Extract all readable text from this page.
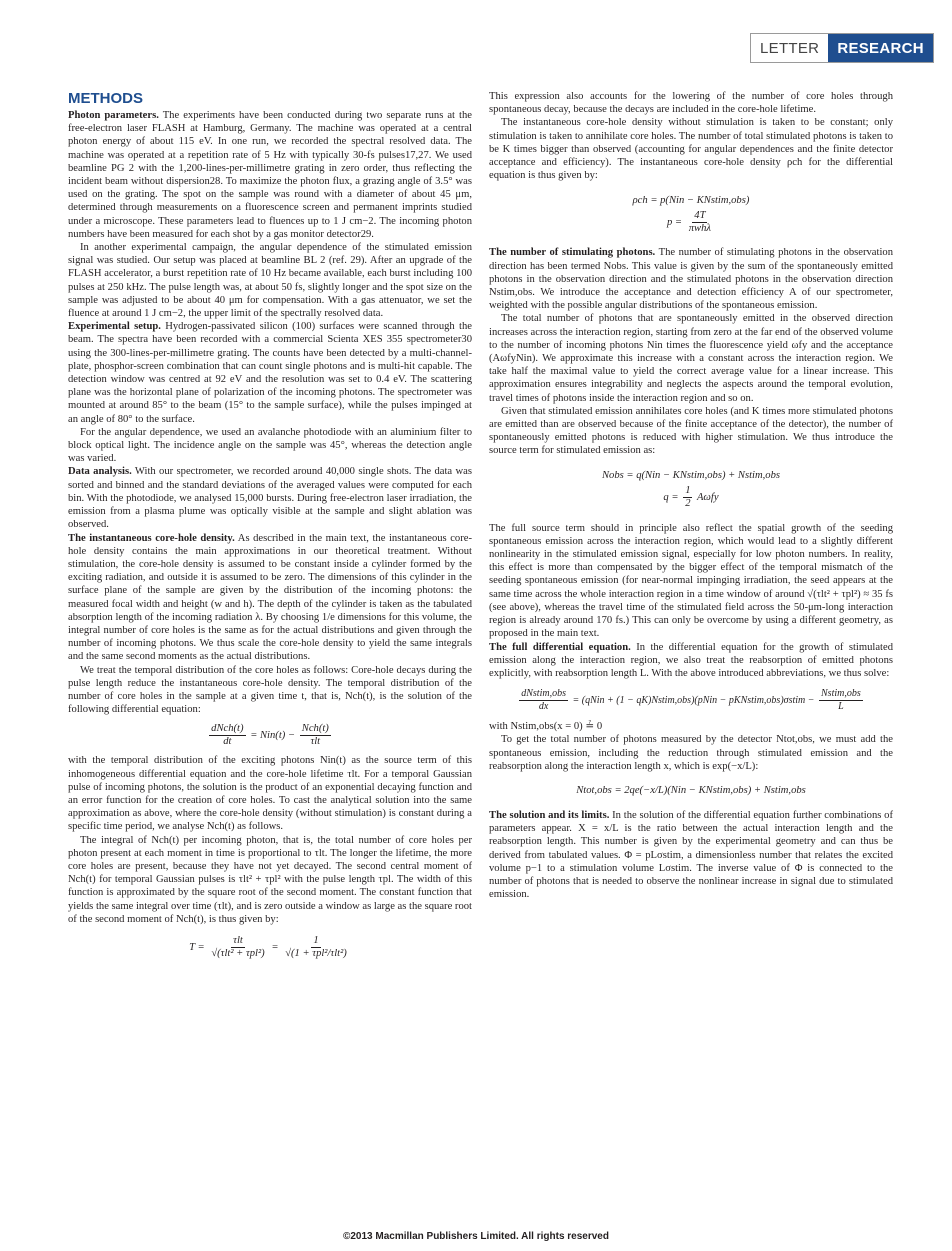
LETTER	RESEARCH
METHODS

Photon parameters. The experiments have been conducted during two separate runs at the free-electron laser FLASH at Hamburg, Germany. The machine was operated at a central photon energy of about 115 eV. In one run, we recorded the spectral resolved data. The machine was operated at a repetition rate of 5 Hz with typically 30-fs pulses17,27. We used beamline PG 2 with the 1,200-lines-per-millimetre grating in zero order, thus reflecting the incident beam without dispersion28. To maximize the photon flux, a grazing angle of 3.5° was used on the grating. The spot on the sample was round with a diameter of about 45 μm, determined through measurements on a fluorescence screen and permanent imprints studied under a microscope. These parameters lead to fluences up to 1 J cm−2. The incoming photon numbers have been measured for each shot by a gas monitor detector29.

In another experimental campaign, the angular dependence of the stimulated emission signal was studied. Our setup was placed at beamline BL 2 (ref. 29). After an upgrade of the FLASH accelerator, a burst repetition rate of 10 Hz became available, each burst including 100 pulses at 250 kHz. The pulse length was, at about 50 fs, slightly longer and the spot size on the sample was adjusted to be about 40 μm for compensation. With a gas attenuator, we set the fluence at around 1 J cm−2, the upper limit of the spectrally resolved data.

Experimental setup. Hydrogen-passivated silicon (100) surfaces were scanned through the beam. The spectra have been recorded with a commercial Scienta XES 355 spectrometer30 using the 300-lines-per-millimetre grating. The counts have been detected by a multi-channel-plate, phosphor-screen combination that can count single photons and is multi-hit capable. The detection window was centred at 92 eV and the resolution was set to 0.4 eV. The scattering plane was the horizontal plane of polarization of the incoming photons. The spectrometer was mounted at around 85° to the beam (15° to the sample surface), while the pulses impinged at an angle of 80° to the surface.

For the angular dependence, we used an avalanche photodiode with an aluminium filter to block optical light. The incidence angle on the sample was 45°, whereas the detection angle was varied.

Data analysis. With our spectrometer, we recorded around 40,000 single shots. The data was sorted and binned and the standard deviations of the averaged values were computed for each bin. With the photodiode, we analysed 15,000 bursts. During free-electron laser irradiation, the emission from a plasma plume was optically visible at the sample and slight ablation was observed.

The instantaneous core-hole density. As described in the main text, the instantaneous core-hole density contains the main approximations in our theoretical treatment. Without stimulation, the core-hole density is assumed to be constant inside a cylinder formed by the exciting radiation, and outside it is assumed to be zero. The dimensions of this cylinder in the surface plane of the sample are given by the distribution of the incoming photons: the measured focal width and height (w and h). The depth of the cylinder is taken as the tabulated absorption length of the incoming radiation λ. By choosing 1/e dimensions for this volume, the integral number of core holes is the same as for the actual distributions and given through the number of incoming photons. We thus scale the core-hole density to yield the same integrals and the same second moments as the actual distributions.

We treat the temporal distribution of the core holes as follows: Core-hole decays during the pulse length reduce the instantaneous core-hole density. The temporal distribution of the number of core holes in the sample at a given time t, that is, Nch(t), is the solution of the following differential equation:

$\frac{\text{dNch(t)}}{dt} = Nin(t) - \frac{\text{Nch(t)}}{\text{τlt}}$

with the temporal distribution of the exciting photons Nin(t) as the source term of this inhomogeneous differential equation and the core-hole lifetime τlt. For a temporal Gaussian pulse of incoming photons, the solution is the product of an exponential decaying function and an error function for the creation of core holes. To cast the analytical solution into the same approximation as above, where the core-hole density (without stimulation) is constant during a specific time period, we analyse Nch(t) as follows.

The integral of Nch(t) per incoming photon, that is, the total number of core holes per photon present at each moment in time is proportional to τlt. The longer the lifetime, the more core holes are present, because they have not yet decayed. The second central moment of Nch(t) for temporal Gaussian pulses is τlt² + τpl² with the pulse length τpl. The width of this function is approximated by the square root of the second moment. The constant function that yields the same integral over time (τlt), and is zero outside a window as large as the square root of the second moment of Nch(t), is thus given by:

$T = \frac{\text{τlt}}{\text{√(τlt² + τpl²)}} = \frac{1}{\text{√(1 + τpl²/τlt²)}}$

This expression also accounts for the lowering of the number of core holes through spontaneous decay, because the decays are included in the core-hole lifetime.

The instantaneous core-hole density without stimulation is taken to be constant; only stimulation is taken to annihilate core holes. The number of total stimulated photons is taken to be K times bigger than observed (accounting for angular dependences and the finite detector acceptance and efficiency). The instantaneous core-hole density ρch for the differential equation is thus given by:

ρch = p(Nin − KNstim,obs)
$p = \frac{4T}{\text{πwhλ}}$

The number of stimulating photons. The number of stimulating photons in the observation direction has been termed Nobs. This value is given by the sum of the spontaneously emitted photons in the observation direction and the stimulated photons in the observation direction Nstim,obs. We introduce the acceptance and detection efficiency A of our spectrometer, weighted with the possible angular distributions of the spontaneous emission.

The total number of photons that are spontaneously emitted in the observed direction increases across the interaction region, starting from zero at the far end of the observed volume to the number of incoming photons Nin times the fluorescence yield ωfy and the acceptance (AωfyNin). We approximate this increase with a constant across the interaction region. We take half the maximal value to yield the correct average value for a linear increase. This approximation ensures integrability and neglects the aspects around the temporal evolution, travel times of photons inside the interaction region and so on.

Given that stimulated emission annihilates core holes (and K times more stimulated photons are emitted than are observed because of the finite acceptance of the detector), the number of spontaneously emitted photons is reduced with higher stimulation. We thus introduce the source term for stimulated emission as:

Nobs = q(Nin − KNstim,obs) + Nstim,obs
$q = \frac{1}{2}$ Aωfy

The full source term should in principle also reflect the spatial growth of the seeding spontaneous emission across the interaction region, which would lead to a slightly different nonlinearity in the stimulated emission signal, especially for low photon numbers. In reality, this effect is more than compensated by the bigger effect of the temporal mismatch of the seeding spontaneous emission (for near-normal impinging irradiation, the seed appears at the same time across the whole interaction region in a time window of around √(τlt² + τpl²) ≈ 35 fs (see above), whereas the travel time of the stimulated field across the 50-μm-long interaction region is already around 170 fs.) This can only be overcome by using a different geometry, as proposed in the main text.

The full differential equation. In the differential equation for the growth of stimulated emission along the interaction region, we also treat the reabsorption of emitted photons explicitly, with reabsorption length L. With the above introduced abbreviations, we thus solve:

$\frac{\text{dNstim,obs}}{dx}$ = (qNin + (1 − qK)Nstim,obs)(pNin − pKNstim,obs)σstim − $\frac{\text{Nstim,obs}}{L}$

with Nstim,obs(x = 0) ≟ 0

To get the total number of photons measured by the detector Ntot,obs, we must add the spontaneous emission, including the reduction through stimulated emission and the reabsorption along the interaction length x, which is exp(−x/L):

Ntot,obs = 2qe(−x/L)(Nin − KNstim,obs) + Nstim,obs

The solution and its limits. In the solution of the differential equation further combinations of parameters appear. X = x/L is the ratio between the actual interaction length and the reabsorption length. This number is given by the experimental geometry and can thus be derived from tabulated values. Φ = pLσstim, a dimensionless number that relates the excited volume p−1 to a stimulation volume Lσstim. The inverse value of Φ is connected to the number of photons that is needed to observe the nonlinear increase in signal due to stimulated emission.

©2013 Macmillan Publishers Limited. All rights reserved
